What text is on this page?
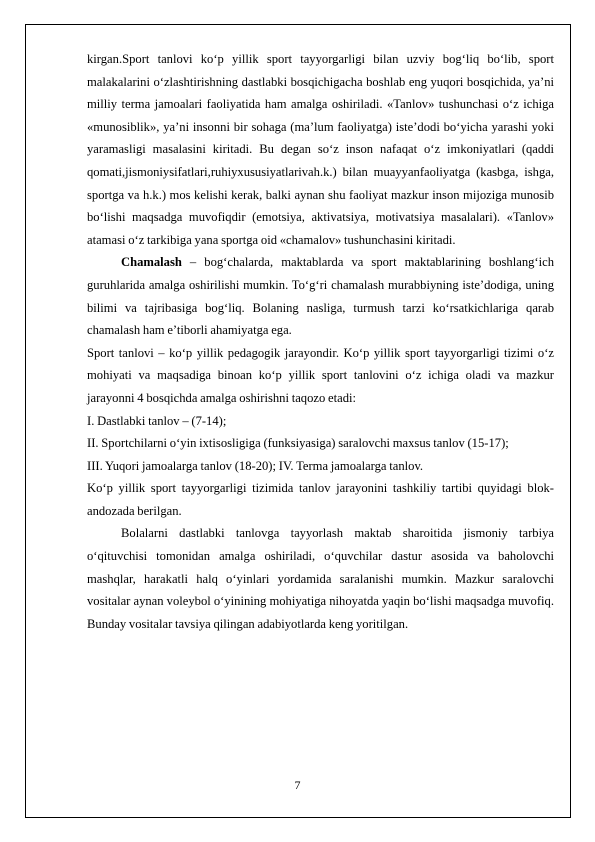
kirgan.Sport tanlovi ko‘p yillik sport tayyorgarligi bilan uzviy bog‘liq bo‘lib, sport malakalarini o‘zlashtirishning dastlabki bosqichigacha boshlab eng yuqori bosqichida, ya’ni milliy terma jamoalari faoliyatida ham amalga oshiriladi. «Tanlov» tushunchasi o‘z ichiga «munosiblik», ya’ni insonni bir sohaga (ma’lum faoliyatga) iste’dodi bo‘yicha yarashi yoki yaramasligi masalasini kiritadi. Bu degan so‘z inson nafaqat o‘z imkoniyatlari (qaddi qomati,jismoniysifatlari,ruhiyxususiyatlarivah.k.) bilan muayyanfaoliyatga (kasbga, ishga, sportga va h.k.) mos kelishi kerak, balki aynan shu faoliyat mazkur inson mijoziga munosib bo‘lishi maqsadga muvofiqdir (emotsiya, aktivatsiya, motivatsiya masalalari). «Tanlov» atamasi o‘z tarkibiga yana sportga oid «chamalov» tushunchasini kiritadi.

Chamalash – bog‘chalarda, maktablarda va sport maktablarining boshlang‘ich guruhlarida amalga oshirilishi mumkin. To‘g‘ri chamalash murabbiyning iste’dodiga, uning bilimi va tajribasiga bog‘liq. Bolaning nasliga, turmush tarzi ko‘rsatkichlariga qarab chamalash ham e’tiborli ahamiyatga ega.

Sport tanlovi – ko‘p yillik pedagogik jarayondir. Ko‘p yillik sport tayyorgarligi tizimi o‘z mohiyati va maqsadiga binoan ko‘p yillik sport tanlovini o‘z ichiga oladi va mazkur jarayonni 4 bosqichda amalga oshirishni taqozo etadi:

I. Dastlabki tanlov – (7-14);

II. Sportchilarni o‘yin ixtisosligiga (funksiyasiga) saralovchi maxsus tanlov (15-17);

III. Yuqori jamoalarga tanlov (18-20); IV. Terma jamoalarga tanlov.

Ko‘p yillik sport tayyorgarligi tizimida tanlov jarayonini tashkiliy tartibi quyidagi blok-andozada berilgan.

Bolalarni dastlabki tanlovga tayyorlash maktab sharoitida jismoniy tarbiya o‘qituvchisi tomonidan amalga oshiriladi, o‘quvchilar dastur asosida va baholovchi mashqlar, harakatli halq o‘yinlari yordamida saralanishi mumkin. Mazkur saralovchi vositalar aynan voleybol o‘yinining mohiyatiga nihoyatda yaqin bo‘lishi maqsadga muvofiq. Bunday vositalar tavsiya qilingan adabiyotlarda keng yoritilgan.

7
